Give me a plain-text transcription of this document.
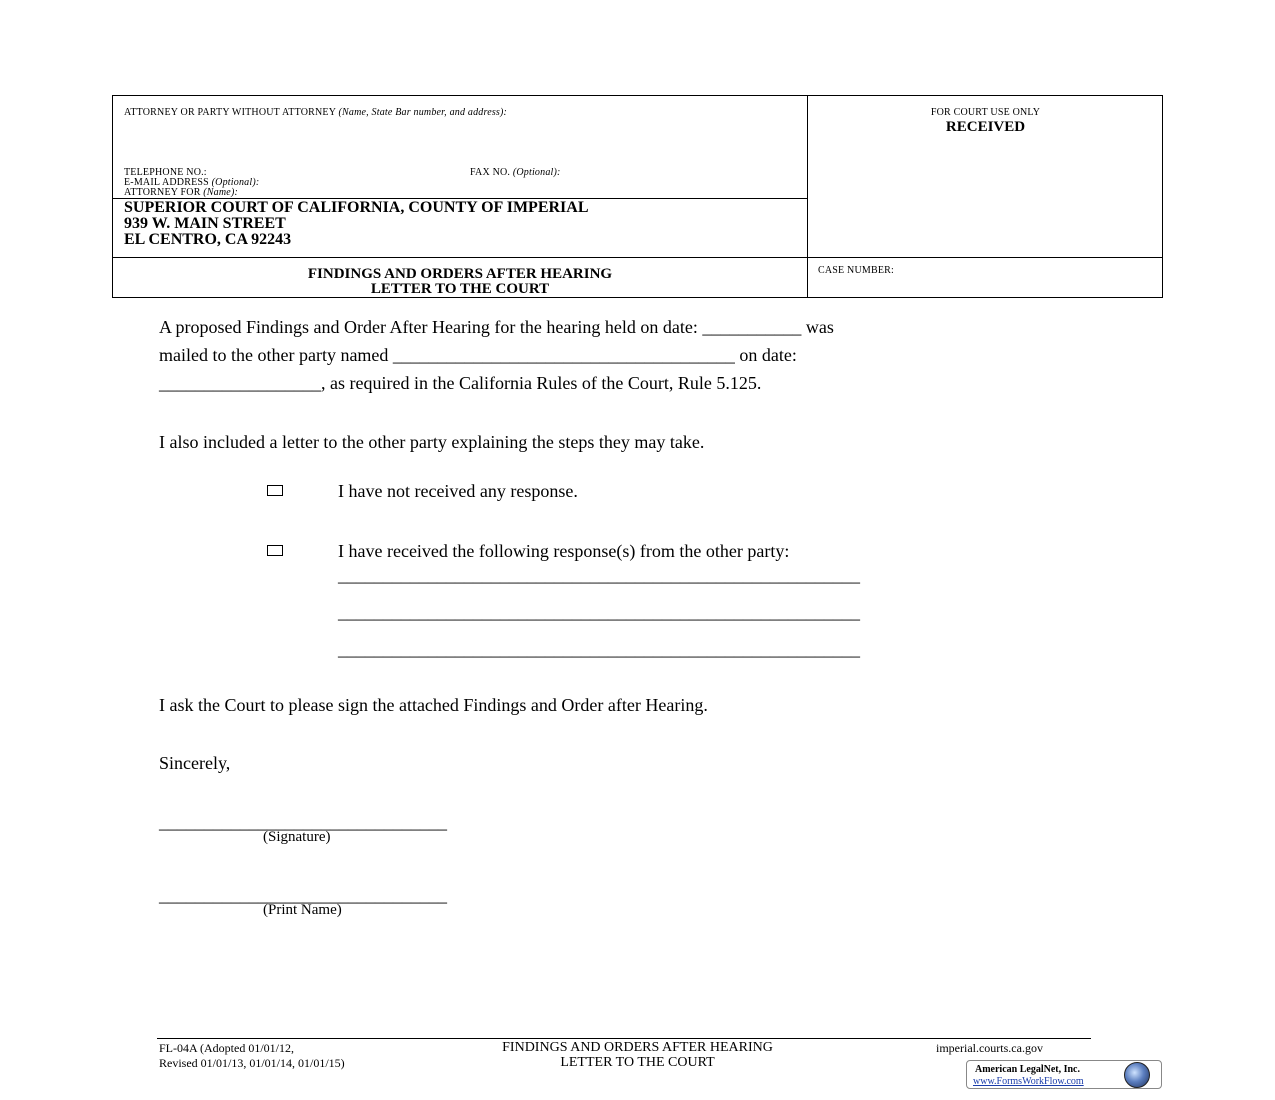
ATTORNEY OR PARTY WITHOUT ATTORNEY (Name, State Bar number, and address):
TELEPHONE NO.:	FAX NO. (Optional):
E-MAIL ADDRESS (Optional):
ATTORNEY FOR (Name):
SUPERIOR COURT OF CALIFORNIA, COUNTY OF IMPERIAL
939 W. MAIN STREET
EL CENTRO, CA 92243
FOR COURT USE ONLY
RECEIVED
FINDINGS AND ORDERS AFTER HEARING
LETTER TO THE COURT
CASE NUMBER:
A proposed Findings and Order After Hearing for the hearing held on date: ___________ was
mailed to the other party named ______________________________________ on date:
__________________, as required in the California Rules of the Court, Rule 5.125.
I also included a letter to the other party explaining the steps they may take.
I have not received any response.
I have received the following response(s) from the other party:
__________________________________________________________
__________________________________________________________
__________________________________________________________
I ask the Court to please sign the attached Findings and Order after Hearing.
Sincerely,
________________________________
(Signature)
________________________________
(Print Name)
FL-04A (Adopted 01/01/12,
Revised 01/01/13, 01/01/14, 01/01/15)
FINDINGS AND ORDERS AFTER HEARING
LETTER TO THE COURT
imperial.courts.ca.gov
American LegalNet, Inc.
www.FormsWorkFlow.com
